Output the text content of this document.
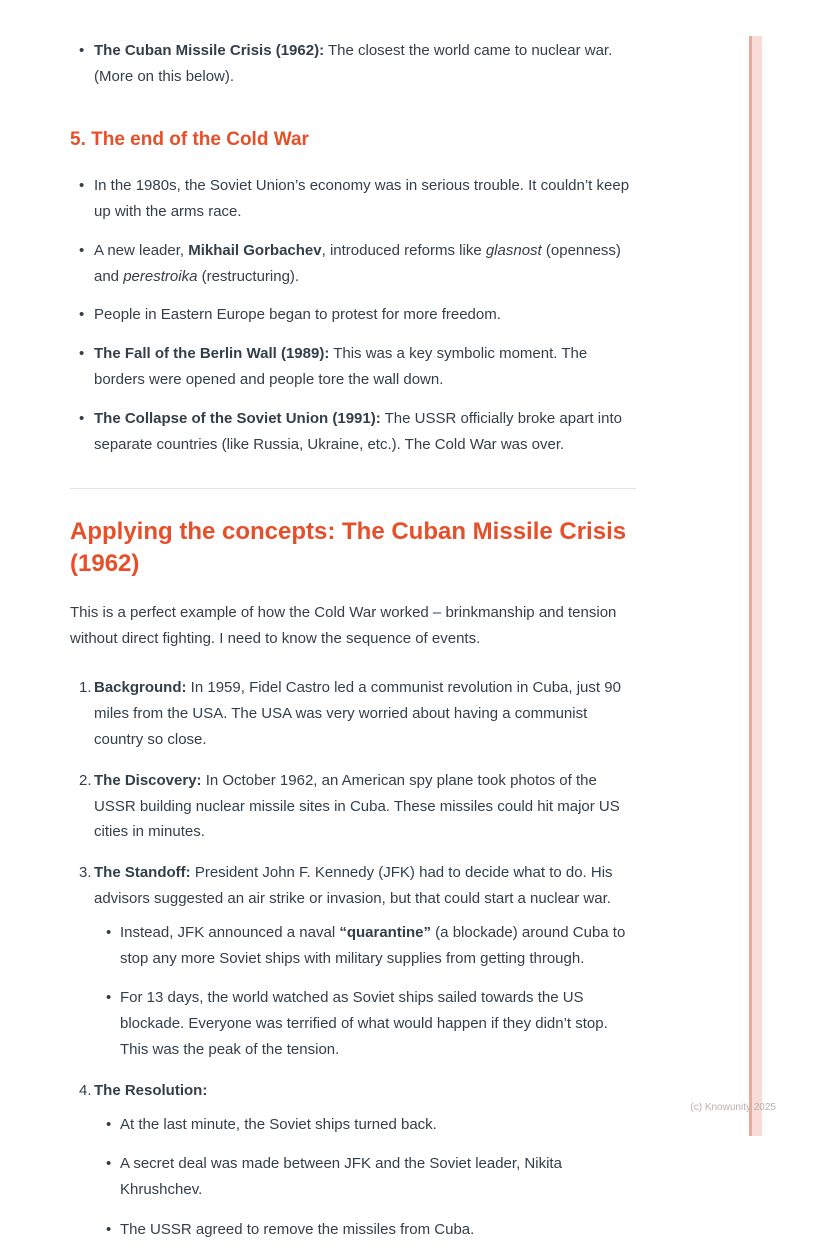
• The Cuban Missile Crisis (1962): The closest the world came to nuclear war. (More on this below).
5. The end of the Cold War
• In the 1980s, the Soviet Union’s economy was in serious trouble. It couldn’t keep up with the arms race.
• A new leader, Mikhail Gorbachev, introduced reforms like glasnost (openness) and perestroika (restructuring).
• People in Eastern Europe began to protest for more freedom.
• The Fall of the Berlin Wall (1989): This was a key symbolic moment. The borders were opened and people tore the wall down.
• The Collapse of the Soviet Union (1991): The USSR officially broke apart into separate countries (like Russia, Ukraine, etc.). The Cold War was over.
Applying the concepts: The Cuban Missile Crisis (1962)

This is a perfect example of how the Cold War worked – brinkmanship and tension without direct fighting. I need to know the sequence of events.

1. Background: In 1959, Fidel Castro led a communist revolution in Cuba, just 90 miles from the USA. The USA was very worried about having a communist country so close.
2. The Discovery: In October 1962, an American spy plane took photos of the USSR building nuclear missile sites in Cuba. These missiles could hit major US cities in minutes.
3. The Standoff: President John F. Kennedy (JFK) had to decide what to do. His advisors suggested an air strike or invasion, but that could start a nuclear war.
• Instead, JFK announced a naval “quarantine” (a blockade) around Cuba to stop any more Soviet ships with military supplies from getting through.
• For 13 days, the world watched as Soviet ships sailed towards the US blockade. Everyone was terrified of what would happen if they didn’t stop. This was the peak of the tension.
4. The Resolution:
• At the last minute, the Soviet ships turned back.
• A secret deal was made between JFK and the Soviet leader, Nikita Khrushchev.
• The USSR agreed to remove the missiles from Cuba.
(c) Knowunity 2025
